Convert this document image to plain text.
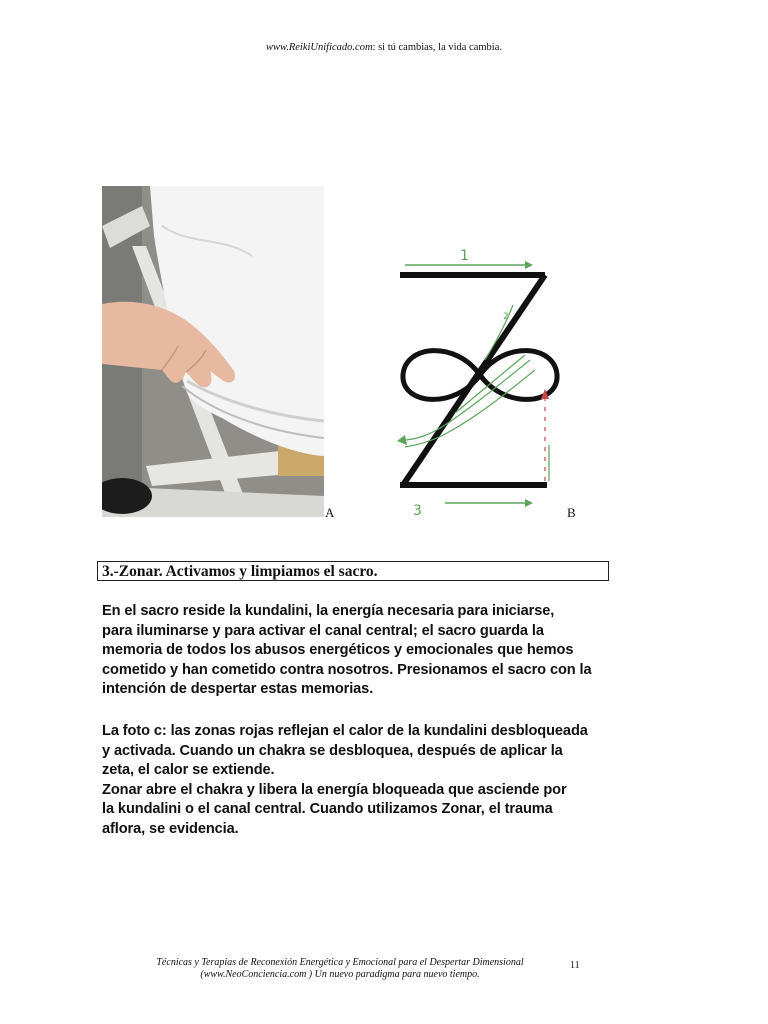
www.ReikiUnificado.com: si tú cambias, la vida cambia.
A
1
2
3	B
3.-Zonar. Activamos y limpiamos el sacro.
En el sacro reside la kundalini, la energía necesaria para iniciarse,
para iluminarse y para activar el canal central; el sacro guarda la
memoria de todos los abusos energéticos y emocionales que hemos
cometido y han cometido contra nosotros. Presionamos el sacro con la
intención de despertar estas memorias.
La foto c: las zonas rojas reflejan el calor de la kundalini desbloqueada
y activada. Cuando un chakra se desbloquea, después de aplicar la
zeta, el calor se extiende.
Zonar abre el chakra y libera la energía bloqueada que asciende por
la kundalini o el canal central. Cuando utilizamos Zonar, el trauma
aflora, se evidencia.
Técnicas y Terapias de Reconexión Energética y Emocional para el Despertar Dimensional
(www.NeoConciencia.com ) Un nuevo paradigma para nuevo tiempo.
11
